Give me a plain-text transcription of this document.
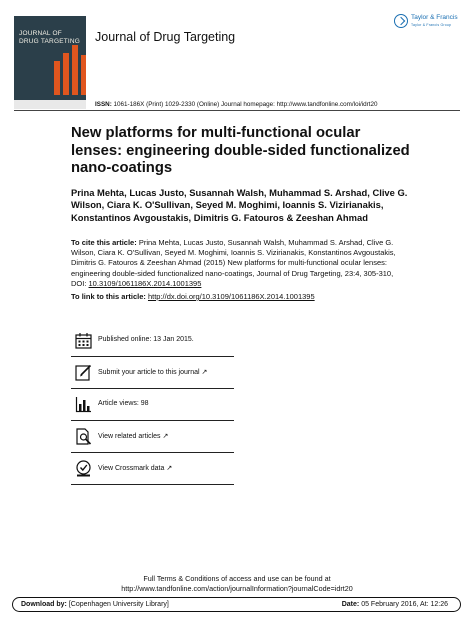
JOURNAL OF
DRUG TARGETING Journal of Drug Targeting
Taylor & Francis
Taylor & Francis Group
ISSN: 1061-186X (Print) 1029-2330 (Online) Journal homepage: http://www.tandfonline.com/loi/idrt20
New platforms for multi-functional ocular lenses: engineering double-sided functionalized nano-coatings
Prina Mehta, Lucas Justo, Susannah Walsh, Muhammad S. Arshad, Clive G. Wilson, Ciara K. O'Sullivan, Seyed M. Moghimi, Ioannis S. Vizirianakis, Konstantinos Avgoustakis, Dimitris G. Fatouros & Zeeshan Ahmad
To cite this article: Prina Mehta, Lucas Justo, Susannah Walsh, Muhammad S. Arshad, Clive G. Wilson, Ciara K. O'Sullivan, Seyed M. Moghimi, Ioannis S. Vizirianakis, Konstantinos Avgoustakis, Dimitris G. Fatouros & Zeeshan Ahmad (2015) New platforms for multi-functional ocular lenses: engineering double-sided functionalized nano-coatings, Journal of Drug Targeting, 23:4, 305-310, DOI: 10.3109/1061186X.2014.1001395
To link to this article: http://dx.doi.org/10.3109/1061186X.2014.1001395
Published online: 13 Jan 2015.
Submit your article to this journal ↗
Article views: 98
View related articles ↗
View Crossmark data ↗
Full Terms & Conditions of access and use can be found at
http://www.tandfonline.com/action/journalInformation?journalCode=idrt20
Download by: [Copenhagen University Library]	Date: 05 February 2016, At: 12:26
